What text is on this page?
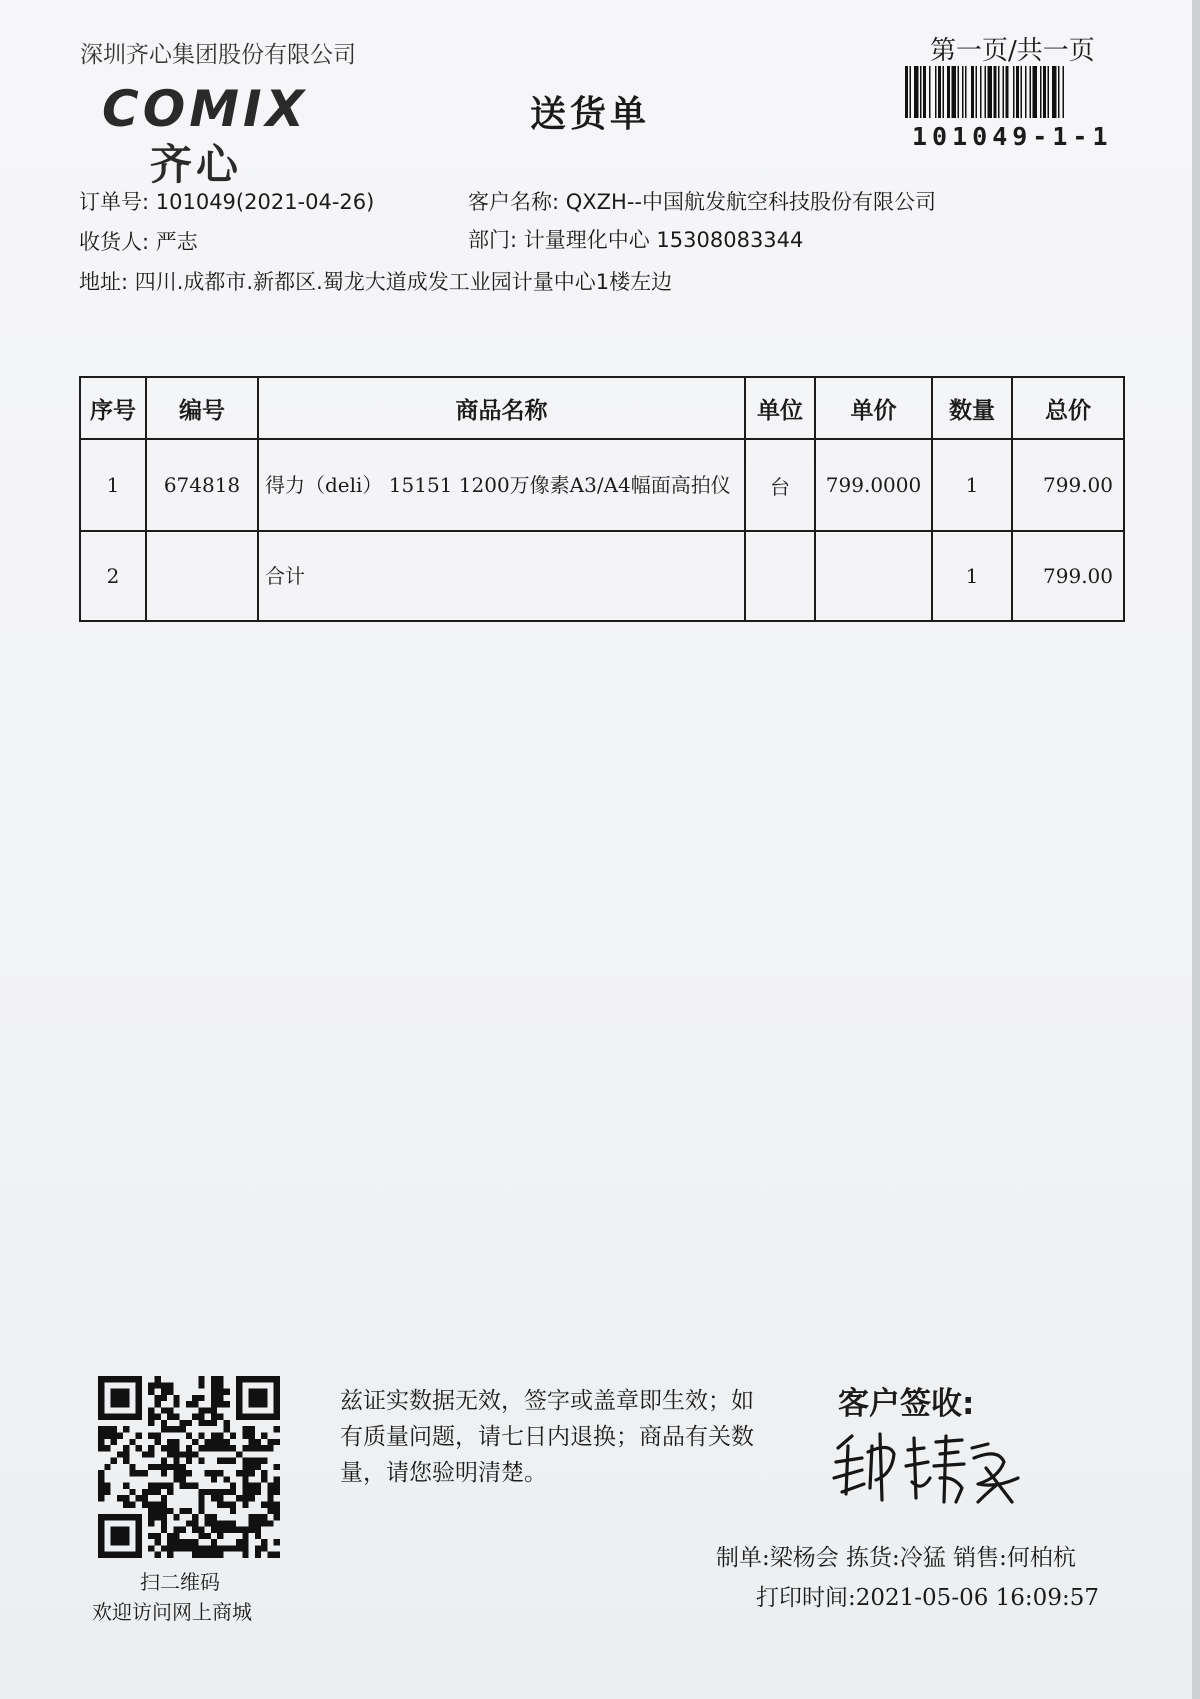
深圳齐心集团股份有限公司	第一页/共一页
COMIX
齐心
送货单
101049-1-1
订单号: 101049(2021-04-26)	客户名称: QXZH--中国航发航空科技股份有限公司
收货人: 严志	部门: 计量理化中心 15308083344
地址: 四川.成都市.新都区.蜀龙大道成发工业园计量中心1楼左边
序号	编号	商品名称	单位	单价	数量	总价
1	674818	得力（deli） 15151 1200万像素A3/A4幅面高拍仪	台	799.0000	1	799.00
2		合计			1	799.00
扫二维码
欢迎访问网上商城
兹证实数据无效，签字或盖章即生效；如有质量问题，请七日内退换；商品有关数量，请您验明清楚。
客户签收:
制单:梁杨会 拣货:冷猛 销售:何柏杭
打印时间:2021-05-06 16:09:57
